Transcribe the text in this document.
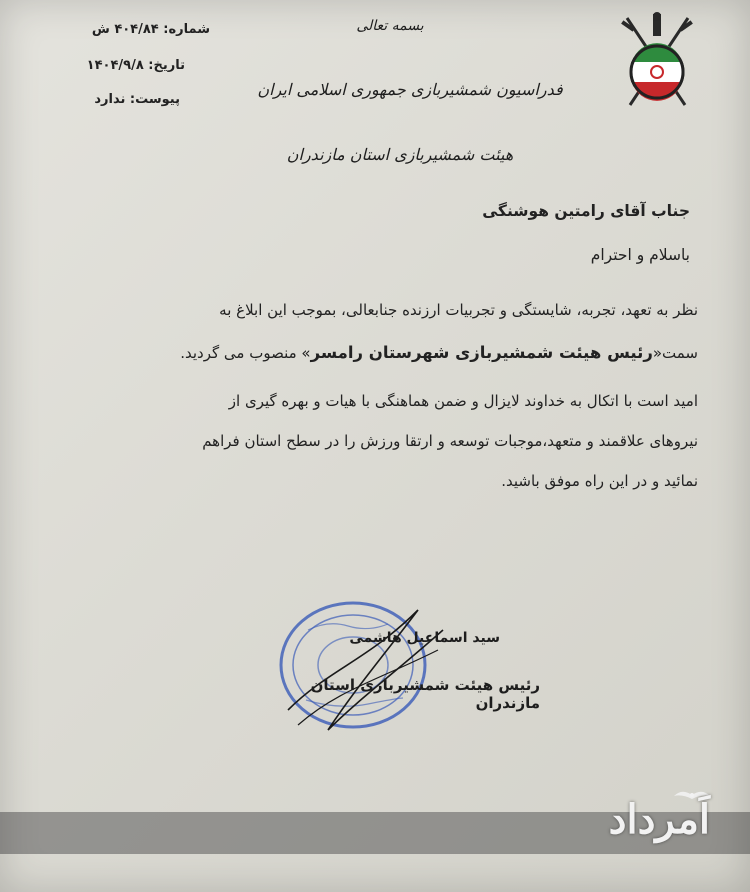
بسمه تعالی
فدراسیون شمشیربازی جمهوری اسلامی ایران
هیئت شمشیربازی استان مازندران
شماره: ۴۰۴/۸۴ ش
تاریخ: ۱۴۰۴/۹/۸
پیوست: ندارد
جناب آقای رامتین هوشنگی
باسلام و احترام
نظر به تعهد، تجربه، شایستگی و تجربیات ارزنده جنابعالی، بموجب این ابلاغ به
سمت«رئیس هیئت شمشیربازی شهرستان رامسر» منصوب می گردید.
امید است با اتکال به خداوند لایزال و ضمن هماهنگی با هیات و بهره گیری از
نیروهای علاقمند و متعهد،موجبات توسعه و ارتقا ورزش را در سطح استان فراهم
نمائید و در این راه موفق باشید.
سید اسماعیل هاشمی
رئیس هیئت شمشیربازی استان مازندران
اَمرداد
